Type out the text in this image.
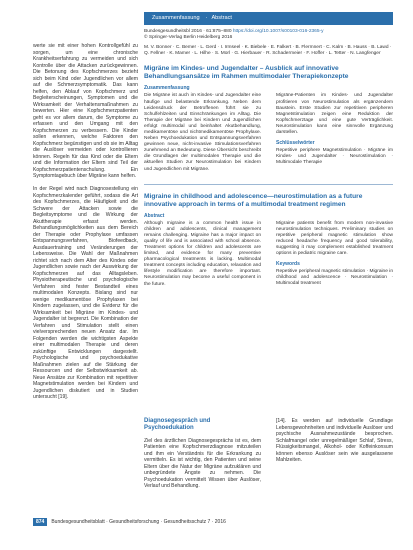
werte sie mit einer hohen Kontrollgefühl zu sorgen, um eine chronische Krankheitserfahrung zu vermeiden und sich Kontrolle über die Attacken zurückgewinnen. Die Betonung des Kopfschmerzes bezieht sich beim Kind oder Jugendlichen vor allem auf die Schmerzsymptomatik. Das kann helfen, den Ablauf von Kopfschmerz und Begleiterscheinungen, Symptomen und die Wirksamkeit der Verhaltensmaßnahmen zu bewerten. Hier eine Kopfschmerzpatienten geht es vor allem darum, die Symptome zu erfassen und den Umgang mit den Kopfschmerzen zu verbessern. Die Kinder sollen erkennen, welche Faktoren den Kopfschmerz begünstigen und ob sie im Alltag die Auslöser vermeiden oder kontrollieren können. Regeln für das Kind oder die Eltern und die Information der Eltern sind Teil der Kopfschmerzpatientenschulung. Ein Symptomtagebuch über Migräne kann helfen.

In der Regel wird nach Diagnosestellung ein Kopfschmerzkalender geführt, sodass die Art des Kopfschmerzes, die Häufigkeit und die Schwere der Attacken sowie die Begleitsymptome und die Wirkung der Akuttherapie erfasst werden. Behandlungsmöglichkeiten aus dem Bereich der Therapie oder Prophylaxe umfassen Entspannungsverfahren, Biofeedback, Ausdauertraining und Veränderungen der Lebensweise. Die Wahl der Maßnahmen richtet sich nach dem Alter des Kindes oder Jugendlichen sowie nach der Auswirkung der Kopfschmerzen auf das Alltagsleben. Physiotherapeutische und psychologische Verfahren sind fester Bestandteil eines multimodalen Konzepts. Bislang sind nur wenige medikamentöse Prophylaxen bei Kindern zugelassen, und die Evidenz für die Wirksamkeit bei Migräne im Kindes- und Jugendalter ist begrenzt. Die Kombination der Verfahren und Stimulation stellt einen vielversprechenden neuen Ansatz dar. Im Folgenden werden die wichtigsten Aspekte einer multimodalen Therapie und deren zukünftige Entwicklungen dargestellt. Psychologische und psychoedukative Maßnahmen zielen auf die Stärkung der Ressourcen und der Selbstwirksamkeit ab. Neue Ansätze zur Kombination mit repetitiver Magnetstimulation werden bei Kindern und Jugendlichen diskutiert und in Studien untersucht [19].

Zusammenfassung · Abstract
Bundesgesundheitsbl 2016 · 61:875–880 https://doi.org/10.1007/s00103-016-2365-y
© Springer-Verlag Berlin Heidelberg 2016
M. V. Bonner · C. Bemer · L. Gerd · I. Irmseel · K. Biebele · E. Falkert · B. Flermnert · C. Kalm · B. Hauss · B. Lawd · Q. Fellner · K. Mamer · L. Hilhe · S. Morl · G. Hierbauer · R. Schadermeier · F. Hoffer · L. Tetter · N. Langfenger
Migräne im Kindes- und Jugendalter – Ausblick auf innovative Behandlungsansätze im Rahmen multimodaler Therapiekonzepte
Zusammenfassung

Die Migräne ist auch im Kindes- und Jugendalter eine häufige und belastende Erkrankung. Neben dem Leidensdruck der Betroffenen führt sie zu Schulfehlzeiten und Einschränkungen im Alltag. Die Therapie der Migräne bei Kindern und Jugendlichen erfolgt multimodal und beinhaltet Akutbehandlung, medikamentöse und nichtmedikamentöse Prophylaxe. Neben Psychoedukation und Entspannungsverfahren gewinnen neue, nicht-invasive Stimulationsverfahren zunehmend an Bedeutung. Diese Übersicht beschreibt die Grundlagen der multimodalen Therapie und die aktuellen Studien zur Neurostimulation bei Kindern und Jugendlichen mit Migräne.

Migräne-Patienten im Kindes- und Jugendalter profitieren von Neurostimulation als ergänzendem Baustein. Erste Studien zur repetitiven peripheren Magnetstimulation zeigen eine Reduktion der Kopfschmerztage und eine gute Verträglichkeit. Neurostimulation kann eine sinnvolle Ergänzung darstellen.

Schlüsselwörter

Repetitive periphere Magnetstimulation · Migräne im Kindes- und Jugendalter · Neurostimulation · Multimodale Therapie

Migraine in childhood and adolescence—neurostimulation as a future innovative approach in terms of a multimodal treatment regimen
Abstract

Although migraine is a common health issue in children and adolescents, clinical management remains challenging. Migraine has a major impact on quality of life and is associated with school absence. Treatment options for children and adolescents are limited, and evidence for many preventive pharmacological treatments is lacking. Multimodal treatment concepts including education, relaxation and lifestyle modification are therefore important. Neurostimulation may become a useful component in the future.

Migraine patients benefit from modern non-invasive neurostimulation techniques. Preliminary studies on repetitive peripheral magnetic stimulation show reduced headache frequency and good tolerability, suggesting it may complement established treatment options in pediatric migraine care.

Keywords

Repetitive peripheral magnetic stimulation · Migraine in childhood and adolescence · Neurostimulation · Multimodal treatment

Diagnosegespräch und Psychoedukation

Ziel des ärztlichen Diagnosegesprächs ist es, dem Patienten eine Kopfschmerzdiagnose mitzuteilen und ihm ein Verständnis für die Erkrankung zu vermitteln. Es ist wichtig, den Patienten und seine Eltern über die Natur der Migräne aufzuklären und unbegründete Ängste zu nehmen. Die Psychoedukation vermittelt Wissen über Auslöser, Verlauf und Behandlung.

[14]. Es werden auf individuelle Grundlage Lebensgewohnheiten und individuelle Auslöser und psychische Ausnahmezustände besprochen. Schlafmangel oder unregelmäßiger Schlaf, Stress, Flüssigkeitsmangel, Alkohol- oder Koffeinkonsum können ebenso Auslöser sein wie ausgelassene Mahlzeiten.

874 Bundesgesundheitsblatt · Gesundheitsforschung · Gesundheitsschutz 7 · 2016
